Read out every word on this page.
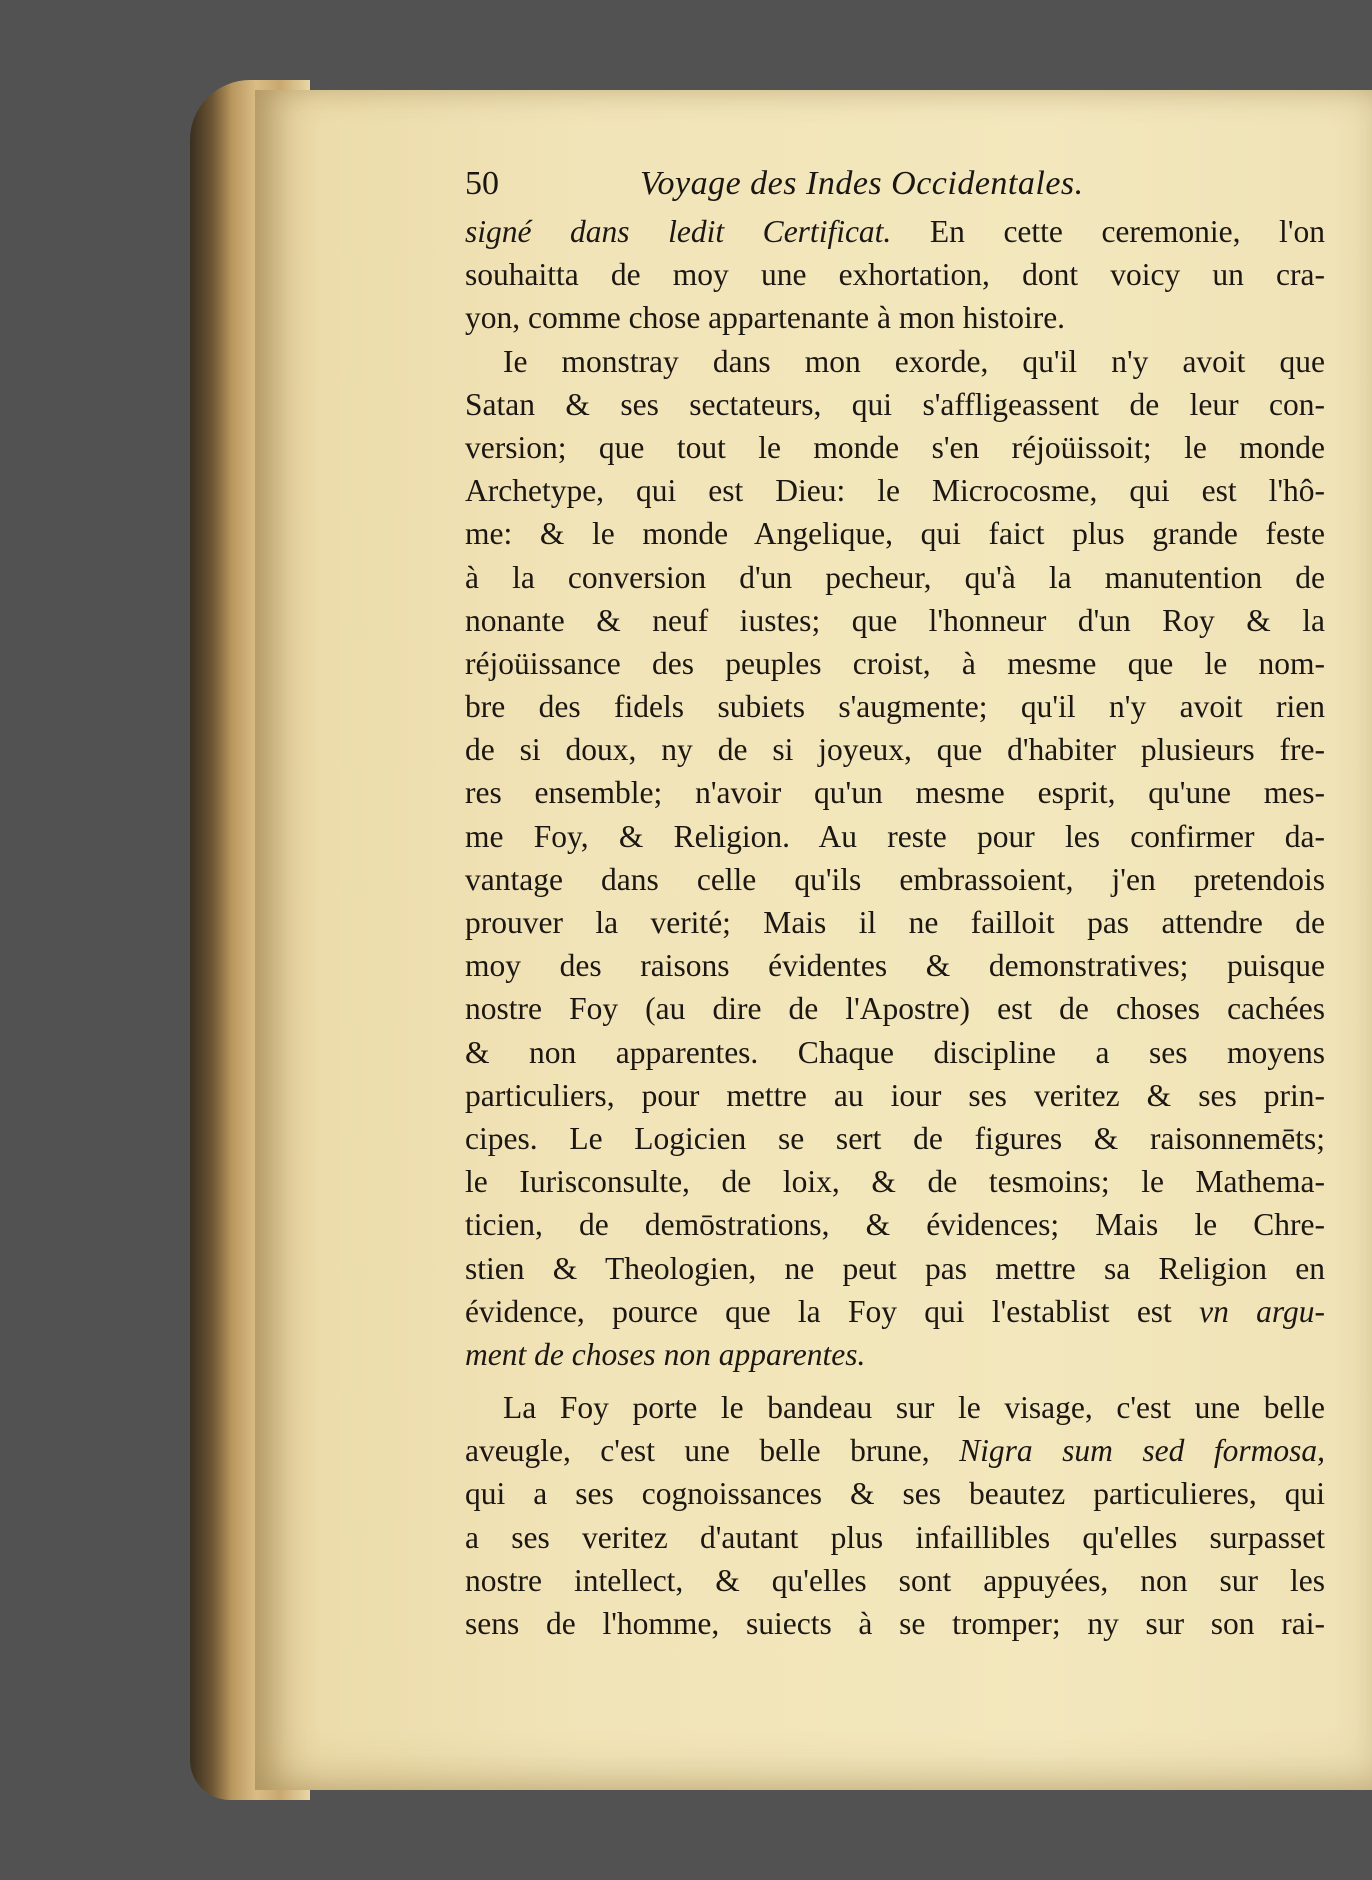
50	Voyage des Indes Occidentales.
signé dans ledit Certificat. En cette ceremonie, l'on
souhaitta de moy une exhortation, dont voicy un cra-
yon, comme chose appartenante à mon histoire.
Ie monstray dans mon exorde, qu'il n'y avoit que
Satan & ses sectateurs, qui s'affligeassent de leur con-
version; que tout le monde s'en réjoüissoit; le monde
Archetype, qui est Dieu: le Microcosme, qui est l'hô-
me: & le monde Angelique, qui faict plus grande feste
à la conversion d'un pecheur, qu'à la manutention de
nonante & neuf iustes; que l'honneur d'un Roy & la
réjoüissance des peuples croist, à mesme que le nom-
bre des fidels subiets s'augmente; qu'il n'y avoit rien
de si doux, ny de si joyeux, que d'habiter plusieurs fre-
res ensemble; n'avoir qu'un mesme esprit, qu'une mes-
me Foy, & Religion. Au reste pour les confirmer da-
vantage dans celle qu'ils embrassoient, j'en pretendois
prouver la verité; Mais il ne failloit pas attendre de
moy des raisons évidentes & demonstratives; puisque
nostre Foy (au dire de l'Apostre) est de choses cachées
& non apparentes. Chaque discipline a ses moyens
particuliers, pour mettre au iour ses veritez & ses prin-
cipes. Le Logicien se sert de figures & raisonnemēts;
le Iurisconsulte, de loix, & de tesmoins; le Mathema-
ticien, de demōstrations, & évidences; Mais le Chre-
stien & Theologien, ne peut pas mettre sa Religion en
évidence, pource que la Foy qui l'establist est vn argu-
ment de choses non apparentes.
La Foy porte le bandeau sur le visage, c'est une belle
aveugle, c'est une belle brune, Nigra sum sed formosa,
qui a ses cognoissances & ses beautez particulieres, qui
a ses veritez d'autant plus infaillibles qu'elles surpasset
nostre intellect, & qu'elles sont appuyées, non sur les
sens de l'homme, suiects à se tromper; ny sur son rai-
